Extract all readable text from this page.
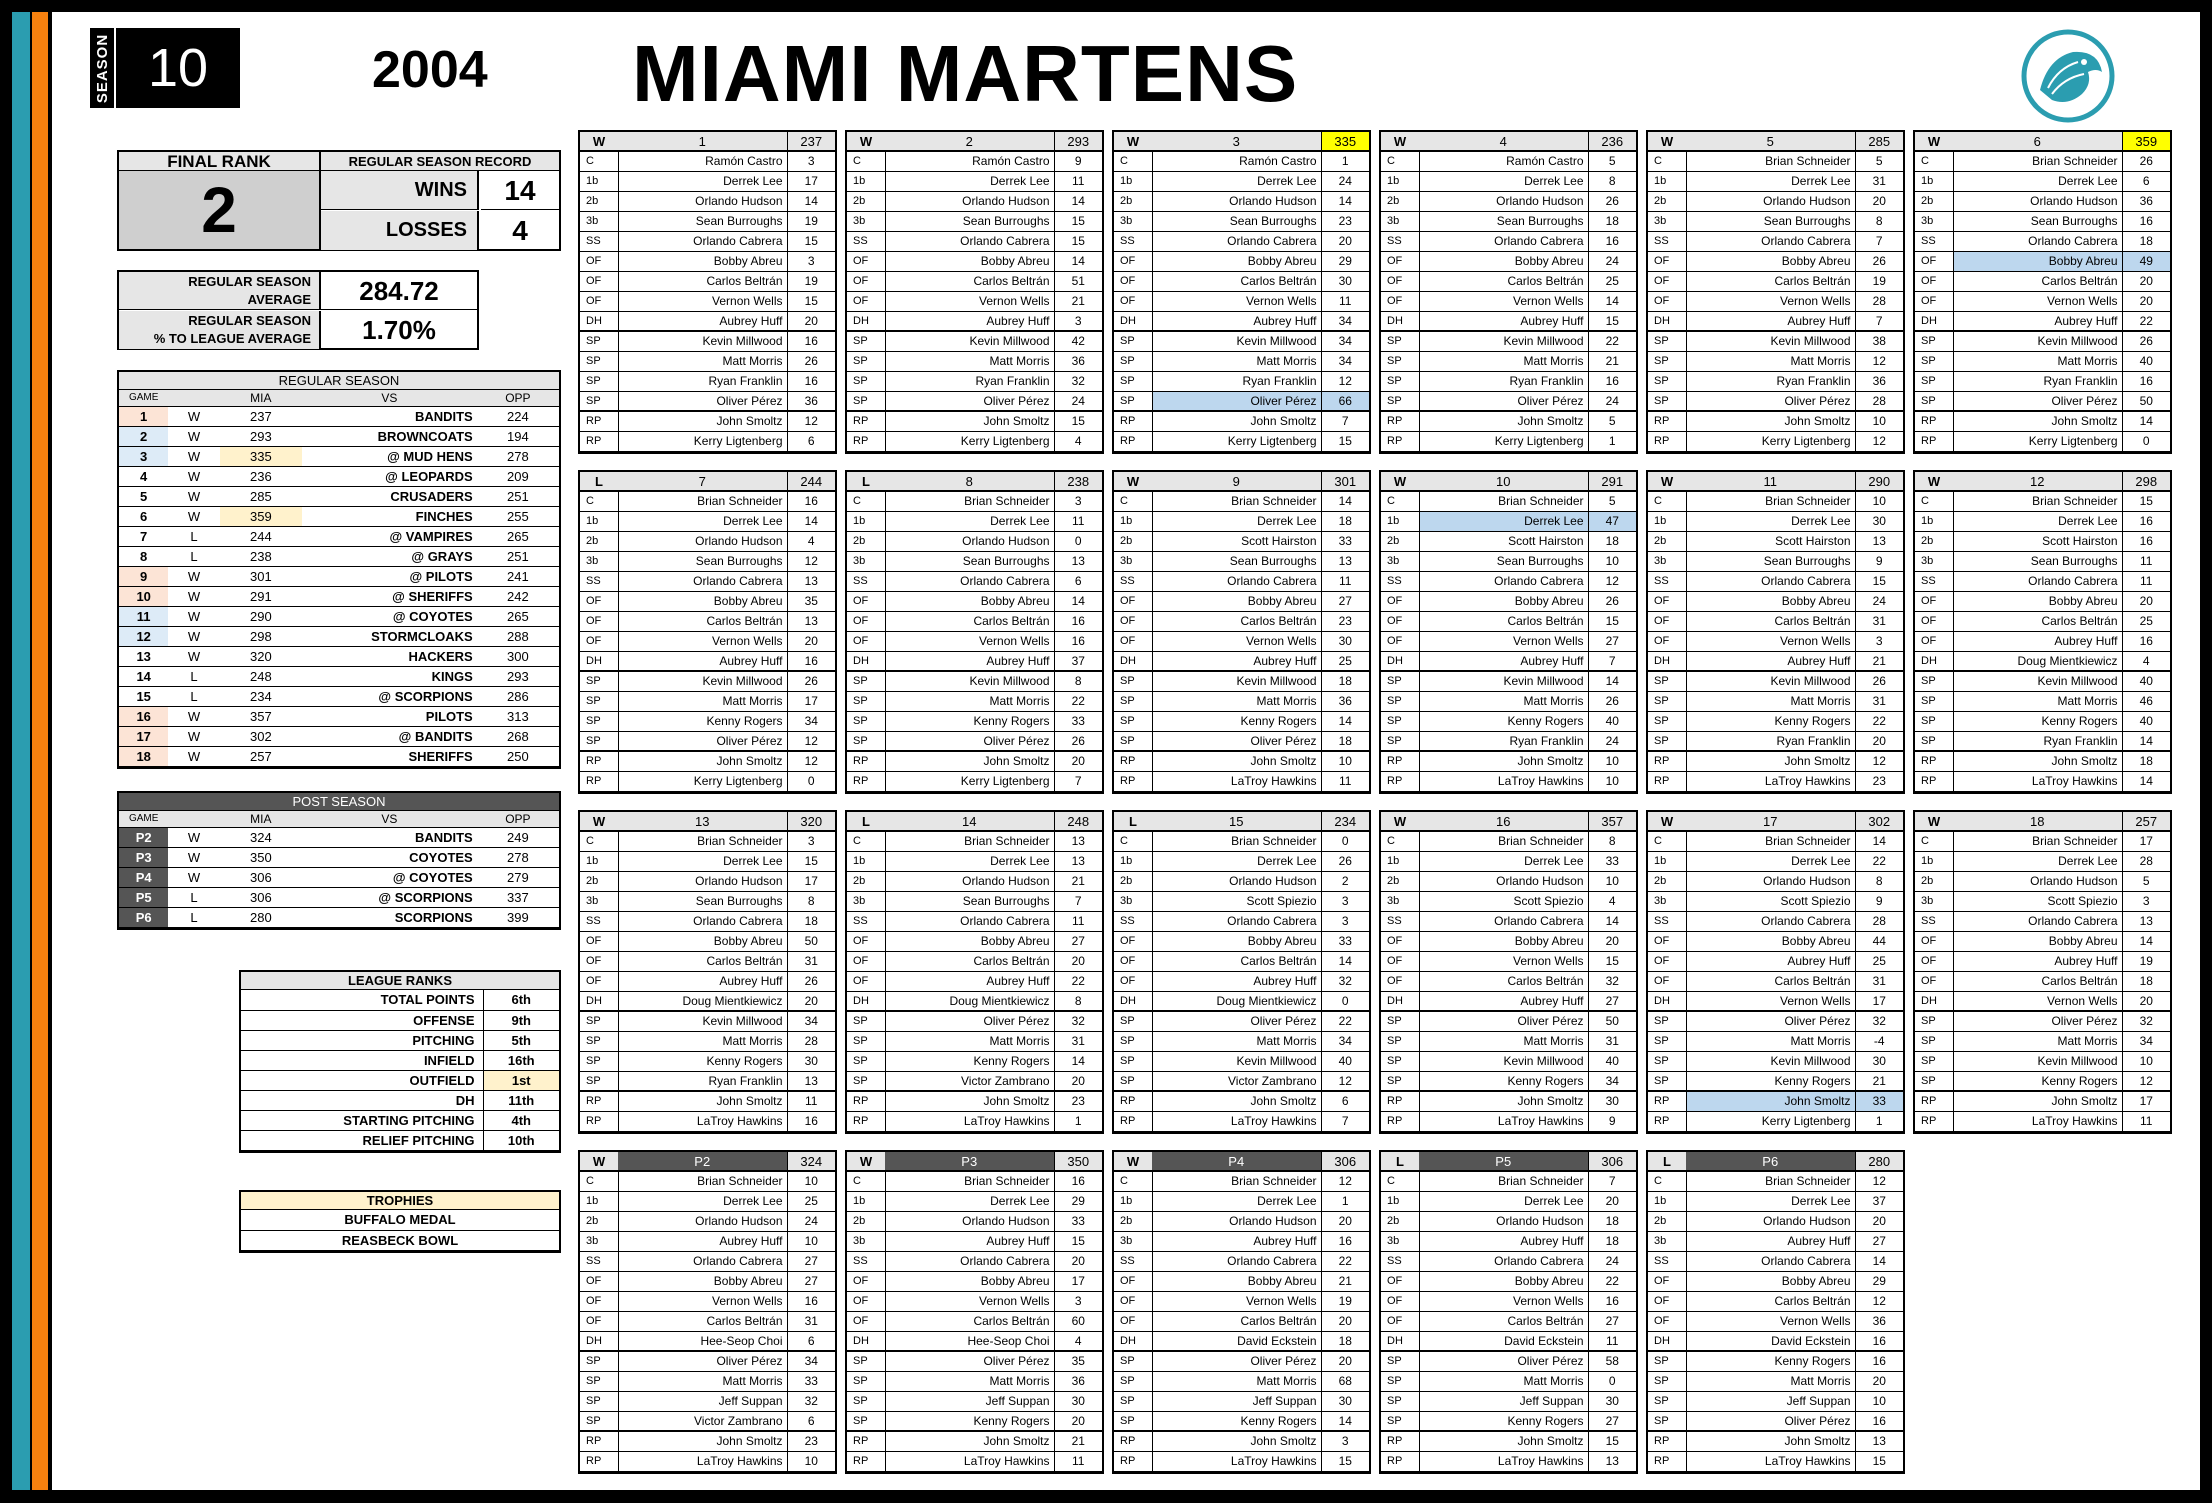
SEASON 10	2004 MIAMI MARTENS
FINAL RANK
2
REGULAR SEASON RECORD
WINS	14
LOSSES	4
REGULAR SEASON
AVERAGE	284.72
REGULAR SEASON
% TO LEAGUE AVERAGE	1.70%
REGULAR SEASON
GAME		MIA	VS	OPP
1	W	237	BANDITS	224
2	W	293	BROWNCOATS	194
3	W	335	@ MUD HENS	278
4	W	236	@ LEOPARDS	209
5	W	285	CRUSADERS	251
6	W	359	FINCHES	255
7	L	244	@ VAMPIRES	265
8	L	238	@ GRAYS	251
9	W	301	@ PILOTS	241
10	W	291	@ SHERIFFS	242
11	W	290	@ COYOTES	265
12	W	298	STORMCLOAKS	288
13	W	320	HACKERS	300
14	L	248	KINGS	293
15	L	234	@ SCORPIONS	286
16	W	357	PILOTS	313
17	W	302	@ BANDITS	268
18	W	257	SHERIFFS	250
POST SEASON
GAME		MIA	VS	OPP
P2	W	324	BANDITS	249
P3	W	350	COYOTES	278
P4	W	306	@ COYOTES	279
P5	L	306	@ SCORPIONS	337
P6	L	280	SCORPIONS	399
LEAGUE RANKS
TOTAL POINTS	6th
OFFENSE	9th
PITCHING	5th
INFIELD	16th
OUTFIELD	1st
DH	11th
STARTING PITCHING	4th
RELIEF PITCHING	10th
TROPHIES
BUFFALO MEDAL
REASBECK BOWL
W	1	237
C	Ramón Castro	3
1b	Derrek Lee	17
2b	Orlando Hudson	14
3b	Sean Burroughs	19
SS	Orlando Cabrera	15
OF	Bobby Abreu	3
OF	Carlos Beltrán	19
OF	Vernon Wells	15
DH	Aubrey Huff	20
SP	Kevin Millwood	16
SP	Matt Morris	26
SP	Ryan Franklin	16
SP	Oliver Pérez	36
RP	John Smoltz	12
RP	Kerry Ligtenberg	6
W	2	293
C	Ramón Castro	9
1b	Derrek Lee	11
2b	Orlando Hudson	14
3b	Sean Burroughs	15
SS	Orlando Cabrera	15
OF	Bobby Abreu	14
OF	Carlos Beltrán	51
OF	Vernon Wells	21
DH	Aubrey Huff	3
SP	Kevin Millwood	42
SP	Matt Morris	36
SP	Ryan Franklin	32
SP	Oliver Pérez	24
RP	John Smoltz	15
RP	Kerry Ligtenberg	4
W	3	335
C	Ramón Castro	1
1b	Derrek Lee	24
2b	Orlando Hudson	14
3b	Sean Burroughs	23
SS	Orlando Cabrera	20
OF	Bobby Abreu	29
OF	Carlos Beltrán	30
OF	Vernon Wells	11
DH	Aubrey Huff	34
SP	Kevin Millwood	34
SP	Matt Morris	34
SP	Ryan Franklin	12
SP	Oliver Pérez	66
RP	John Smoltz	7
RP	Kerry Ligtenberg	15
W	4	236
C	Ramón Castro	5
1b	Derrek Lee	8
2b	Orlando Hudson	26
3b	Sean Burroughs	18
SS	Orlando Cabrera	16
OF	Bobby Abreu	24
OF	Carlos Beltrán	25
OF	Vernon Wells	14
DH	Aubrey Huff	15
SP	Kevin Millwood	22
SP	Matt Morris	21
SP	Ryan Franklin	16
SP	Oliver Pérez	24
RP	John Smoltz	5
RP	Kerry Ligtenberg	1
W	5	285
C	Brian Schneider	5
1b	Derrek Lee	31
2b	Orlando Hudson	20
3b	Sean Burroughs	8
SS	Orlando Cabrera	7
OF	Bobby Abreu	26
OF	Carlos Beltrán	19
OF	Vernon Wells	28
DH	Aubrey Huff	7
SP	Kevin Millwood	38
SP	Matt Morris	12
SP	Ryan Franklin	36
SP	Oliver Pérez	28
RP	John Smoltz	10
RP	Kerry Ligtenberg	12
W	6	359
C	Brian Schneider	26
1b	Derrek Lee	6
2b	Orlando Hudson	36
3b	Sean Burroughs	16
SS	Orlando Cabrera	18
OF	Bobby Abreu	49
OF	Carlos Beltrán	20
OF	Vernon Wells	20
DH	Aubrey Huff	22
SP	Kevin Millwood	26
SP	Matt Morris	40
SP	Ryan Franklin	16
SP	Oliver Pérez	50
RP	John Smoltz	14
RP	Kerry Ligtenberg	0
L	7	244
C	Brian Schneider	16
1b	Derrek Lee	14
2b	Orlando Hudson	4
3b	Sean Burroughs	12
SS	Orlando Cabrera	13
OF	Bobby Abreu	35
OF	Carlos Beltrán	13
OF	Vernon Wells	20
DH	Aubrey Huff	16
SP	Kevin Millwood	26
SP	Matt Morris	17
SP	Kenny Rogers	34
SP	Oliver Pérez	12
RP	John Smoltz	12
RP	Kerry Ligtenberg	0
L	8	238
C	Brian Schneider	3
1b	Derrek Lee	11
2b	Orlando Hudson	0
3b	Sean Burroughs	13
SS	Orlando Cabrera	6
OF	Bobby Abreu	14
OF	Carlos Beltrán	16
OF	Vernon Wells	16
DH	Aubrey Huff	37
SP	Kevin Millwood	8
SP	Matt Morris	22
SP	Kenny Rogers	33
SP	Oliver Pérez	26
RP	John Smoltz	20
RP	Kerry Ligtenberg	7
W	9	301
C	Brian Schneider	14
1b	Derrek Lee	18
2b	Scott Hairston	33
3b	Sean Burroughs	13
SS	Orlando Cabrera	11
OF	Bobby Abreu	27
OF	Carlos Beltrán	23
OF	Vernon Wells	30
DH	Aubrey Huff	25
SP	Kevin Millwood	18
SP	Matt Morris	36
SP	Kenny Rogers	14
SP	Oliver Pérez	18
RP	John Smoltz	10
RP	LaTroy Hawkins	11
W	10	291
C	Brian Schneider	5
1b	Derrek Lee	47
2b	Scott Hairston	18
3b	Sean Burroughs	10
SS	Orlando Cabrera	12
OF	Bobby Abreu	26
OF	Carlos Beltrán	15
OF	Vernon Wells	27
DH	Aubrey Huff	7
SP	Kevin Millwood	14
SP	Matt Morris	26
SP	Kenny Rogers	40
SP	Ryan Franklin	24
RP	John Smoltz	10
RP	LaTroy Hawkins	10
W	11	290
C	Brian Schneider	10
1b	Derrek Lee	30
2b	Scott Hairston	13
3b	Sean Burroughs	9
SS	Orlando Cabrera	15
OF	Bobby Abreu	24
OF	Carlos Beltrán	31
OF	Vernon Wells	3
DH	Aubrey Huff	21
SP	Kevin Millwood	26
SP	Matt Morris	31
SP	Kenny Rogers	22
SP	Ryan Franklin	20
RP	John Smoltz	12
RP	LaTroy Hawkins	23
W	12	298
C	Brian Schneider	15
1b	Derrek Lee	16
2b	Scott Hairston	16
3b	Sean Burroughs	11
SS	Orlando Cabrera	11
OF	Bobby Abreu	20
OF	Carlos Beltrán	25
OF	Aubrey Huff	16
DH	Doug Mientkiewicz	4
SP	Kevin Millwood	40
SP	Matt Morris	46
SP	Kenny Rogers	40
SP	Ryan Franklin	14
RP	John Smoltz	18
RP	LaTroy Hawkins	14
W	13	320
C	Brian Schneider	3
1b	Derrek Lee	15
2b	Orlando Hudson	17
3b	Sean Burroughs	8
SS	Orlando Cabrera	18
OF	Bobby Abreu	50
OF	Carlos Beltrán	31
OF	Aubrey Huff	26
DH	Doug Mientkiewicz	20
SP	Kevin Millwood	34
SP	Matt Morris	28
SP	Kenny Rogers	30
SP	Ryan Franklin	13
RP	John Smoltz	11
RP	LaTroy Hawkins	16
L	14	248
C	Brian Schneider	13
1b	Derrek Lee	13
2b	Orlando Hudson	21
3b	Sean Burroughs	7
SS	Orlando Cabrera	11
OF	Bobby Abreu	27
OF	Carlos Beltrán	20
OF	Aubrey Huff	22
DH	Doug Mientkiewicz	8
SP	Oliver Pérez	32
SP	Matt Morris	31
SP	Kenny Rogers	14
SP	Victor Zambrano	20
RP	John Smoltz	23
RP	LaTroy Hawkins	1
L	15	234
C	Brian Schneider	0
1b	Derrek Lee	26
2b	Orlando Hudson	2
3b	Scott Spiezio	3
SS	Orlando Cabrera	3
OF	Bobby Abreu	33
OF	Carlos Beltrán	14
OF	Aubrey Huff	32
DH	Doug Mientkiewicz	0
SP	Oliver Pérez	22
SP	Matt Morris	34
SP	Kevin Millwood	40
SP	Victor Zambrano	12
RP	John Smoltz	6
RP	LaTroy Hawkins	7
W	16	357
C	Brian Schneider	8
1b	Derrek Lee	33
2b	Orlando Hudson	10
3b	Scott Spiezio	4
SS	Orlando Cabrera	14
OF	Bobby Abreu	20
OF	Vernon Wells	15
OF	Carlos Beltrán	32
DH	Aubrey Huff	27
SP	Oliver Pérez	50
SP	Matt Morris	31
SP	Kevin Millwood	40
SP	Kenny Rogers	34
RP	John Smoltz	30
RP	LaTroy Hawkins	9
W	17	302
C	Brian Schneider	14
1b	Derrek Lee	22
2b	Orlando Hudson	8
3b	Scott Spiezio	9
SS	Orlando Cabrera	28
OF	Bobby Abreu	44
OF	Aubrey Huff	25
OF	Carlos Beltrán	31
DH	Vernon Wells	17
SP	Oliver Pérez	32
SP	Matt Morris	-4
SP	Kevin Millwood	30
SP	Kenny Rogers	21
RP	John Smoltz	33
RP	Kerry Ligtenberg	1
W	18	257
C	Brian Schneider	17
1b	Derrek Lee	28
2b	Orlando Hudson	5
3b	Scott Spiezio	3
SS	Orlando Cabrera	13
OF	Bobby Abreu	14
OF	Aubrey Huff	19
OF	Carlos Beltrán	18
DH	Vernon Wells	20
SP	Oliver Pérez	32
SP	Matt Morris	34
SP	Kevin Millwood	10
SP	Kenny Rogers	12
RP	John Smoltz	17
RP	LaTroy Hawkins	11
W	P2	324
C	Brian Schneider	10
1b	Derrek Lee	25
2b	Orlando Hudson	24
3b	Aubrey Huff	10
SS	Orlando Cabrera	27
OF	Bobby Abreu	27
OF	Vernon Wells	16
OF	Carlos Beltrán	31
DH	Hee-Seop Choi	6
SP	Oliver Pérez	34
SP	Matt Morris	33
SP	Jeff Suppan	32
SP	Victor Zambrano	6
RP	John Smoltz	23
RP	LaTroy Hawkins	10
W	P3	350
C	Brian Schneider	16
1b	Derrek Lee	29
2b	Orlando Hudson	33
3b	Aubrey Huff	15
SS	Orlando Cabrera	20
OF	Bobby Abreu	17
OF	Vernon Wells	3
OF	Carlos Beltrán	60
DH	Hee-Seop Choi	4
SP	Oliver Pérez	35
SP	Matt Morris	36
SP	Jeff Suppan	30
SP	Kenny Rogers	20
RP	John Smoltz	21
RP	LaTroy Hawkins	11
W	P4	306
C	Brian Schneider	12
1b	Derrek Lee	1
2b	Orlando Hudson	20
3b	Aubrey Huff	16
SS	Orlando Cabrera	22
OF	Bobby Abreu	21
OF	Vernon Wells	19
OF	Carlos Beltrán	20
DH	David Eckstein	18
SP	Oliver Pérez	20
SP	Matt Morris	68
SP	Jeff Suppan	30
SP	Kenny Rogers	14
RP	John Smoltz	3
RP	LaTroy Hawkins	15
L	P5	306
C	Brian Schneider	7
1b	Derrek Lee	20
2b	Orlando Hudson	18
3b	Aubrey Huff	18
SS	Orlando Cabrera	24
OF	Bobby Abreu	22
OF	Vernon Wells	16
OF	Carlos Beltrán	27
DH	David Eckstein	11
SP	Oliver Pérez	58
SP	Matt Morris	0
SP	Jeff Suppan	30
SP	Kenny Rogers	27
RP	John Smoltz	15
RP	LaTroy Hawkins	13
L	P6	280
C	Brian Schneider	12
1b	Derrek Lee	37
2b	Orlando Hudson	20
3b	Aubrey Huff	27
SS	Orlando Cabrera	14
OF	Bobby Abreu	29
OF	Carlos Beltrán	12
OF	Vernon Wells	36
DH	David Eckstein	16
SP	Kenny Rogers	16
SP	Matt Morris	20
SP	Jeff Suppan	10
SP	Oliver Pérez	16
RP	John Smoltz	13
RP	LaTroy Hawkins	15
